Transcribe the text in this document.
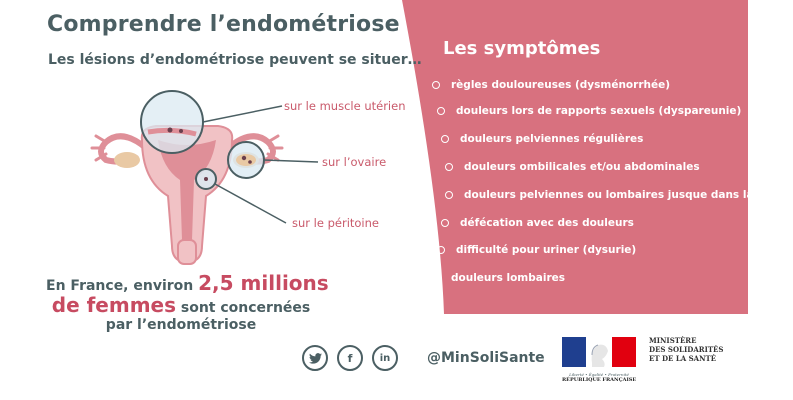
Comprendre l’endométriose
Les lésions d’endométriose peuvent se situer…
sur le muscle utérien
sur l’ovaire
sur le péritoine
En France, environ 2,5 millions
de femmes sont concernées
par l’endométriose
Les symptômes
règles douloureuses (dysménorrhée)
douleurs lors de rapports sexuels (dyspareunie)
douleurs pelviennes régulières
douleurs ombilicales et/ou abdominales
douleurs pelviennes ou lombaires jusque dans la jambe
défécation avec des douleurs
difficulté pour uriner (dysurie)
douleurs lombaires
f	in	@MinSoliSante
Liberté • Égalité • Fraternité
RÉPUBLIQUE FRANÇAISE
MINISTÈRE
DES SOLIDARITÉS
ET DE LA SANTÉ
